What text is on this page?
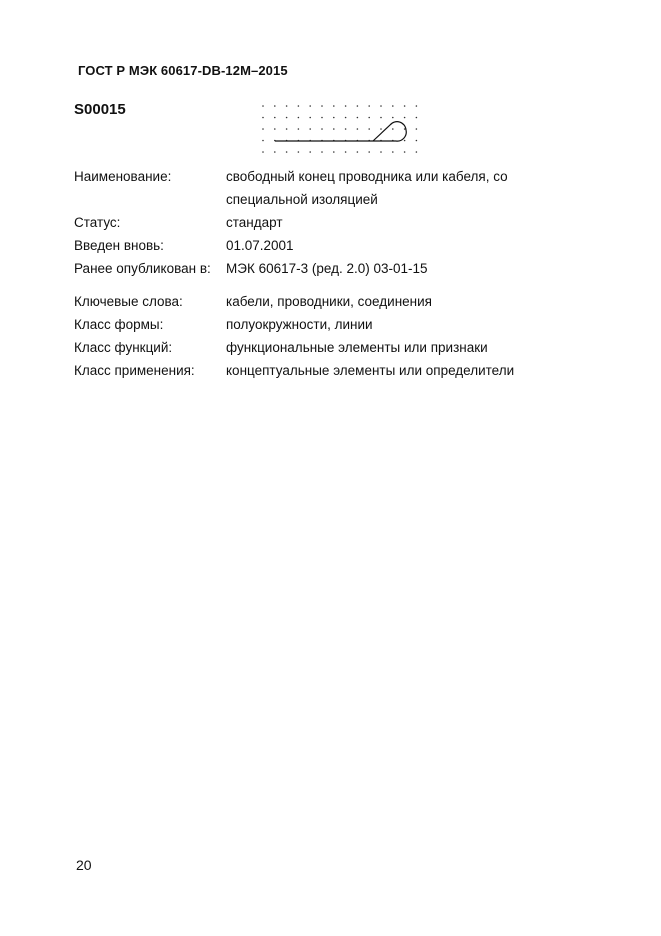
ГОСТ Р МЭК 60617-DB-12M–2015
S00015
Наименование:	свободный конец проводника или кабеля, со специальной изоляцией
Статус:	стандарт
Введен вновь:	01.07.2001
Ранее опубликован в:	МЭК 60617-3 (ред. 2.0) 03-01-15
Ключевые слова:	кабели, проводники, соединения
Класс формы:	полуокружности, линии
Класс функций:	функциональные элементы или признаки
Класс применения:	концептуальные элементы или определители
20
